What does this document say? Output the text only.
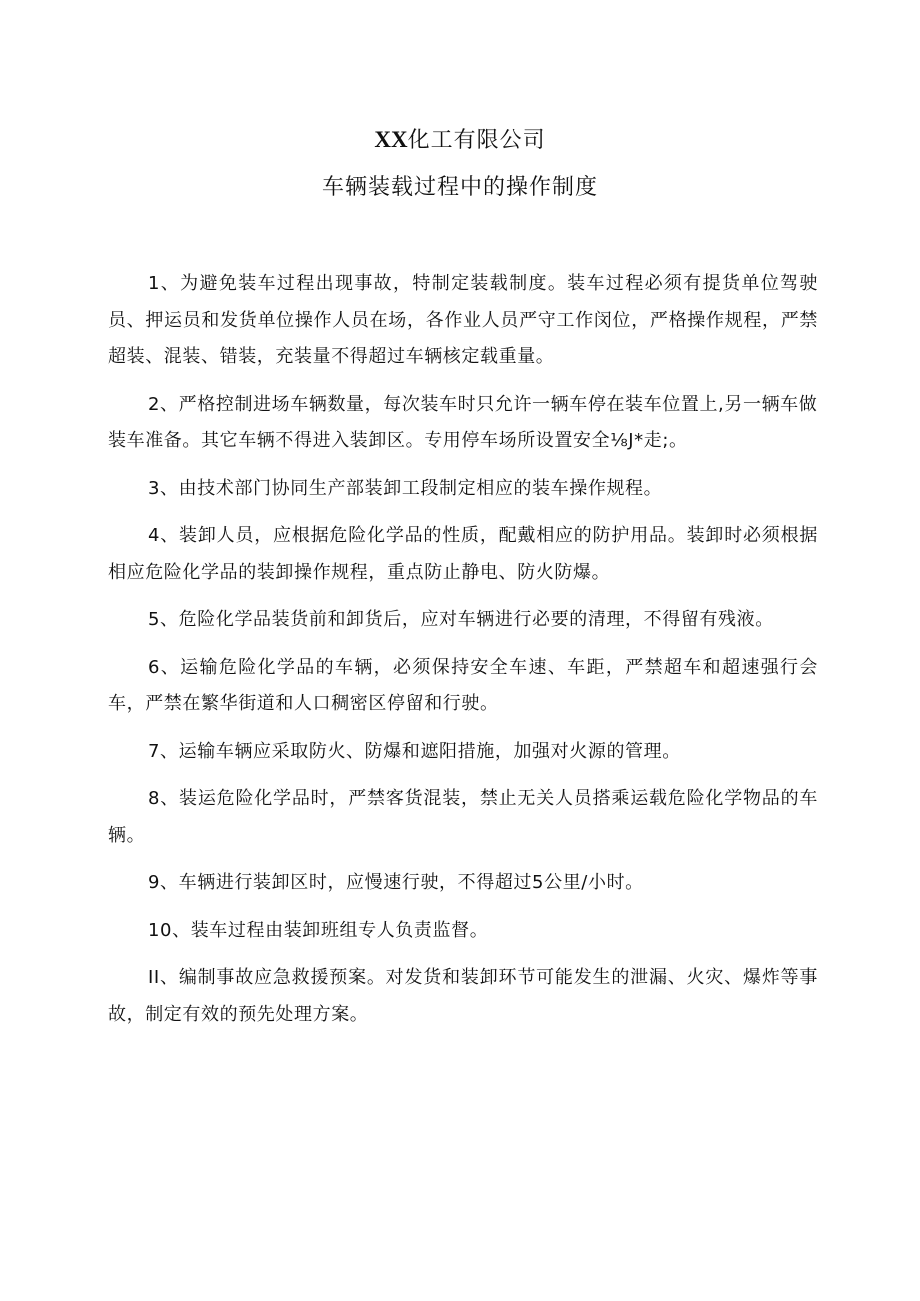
XX化工有限公司
车辆装载过程中的操作制度

1、为避免装车过程出现事故，特制定装载制度。装车过程必须有提货单位驾驶员、押运员和发货单位操作人员在场，各作业人员严守工作闵位，严格操作规程，严禁超装、混装、错装，充装量不得超过车辆核定载重量。

2、严格控制进场车辆数量，每次装车时只允许一辆车停在装车位置上,另一辆车做装车准备。其它车辆不得进入装卸区。专用停车场所设置安全⅛J*走;。

3、由技术部门协同生产部装卸工段制定相应的装车操作规程。

4、装卸人员，应根据危险化学品的性质，配戴相应的防护用品。装卸时必须根据相应危险化学品的装卸操作规程，重点防止静电、防火防爆。

5、危险化学品装货前和卸货后，应对车辆进行必要的清理，不得留有残液。

6、运输危险化学品的车辆，必须保持安全车速、车距，严禁超车和超速强行会车，严禁在繁华街道和人口稠密区停留和行驶。

7、运输车辆应采取防火、防爆和遮阳措施，加强对火源的管理。

8、装运危险化学品时，严禁客货混装，禁止无关人员搭乘运载危险化学物品的车辆。

9、车辆进行装卸区时，应慢速行驶，不得超过5公里/小时。

10、装车过程由装卸班组专人负责监督。

II、编制事故应急救援预案。对发货和装卸环节可能发生的泄漏、火灾、爆炸等事故，制定有效的预先处理方案。
